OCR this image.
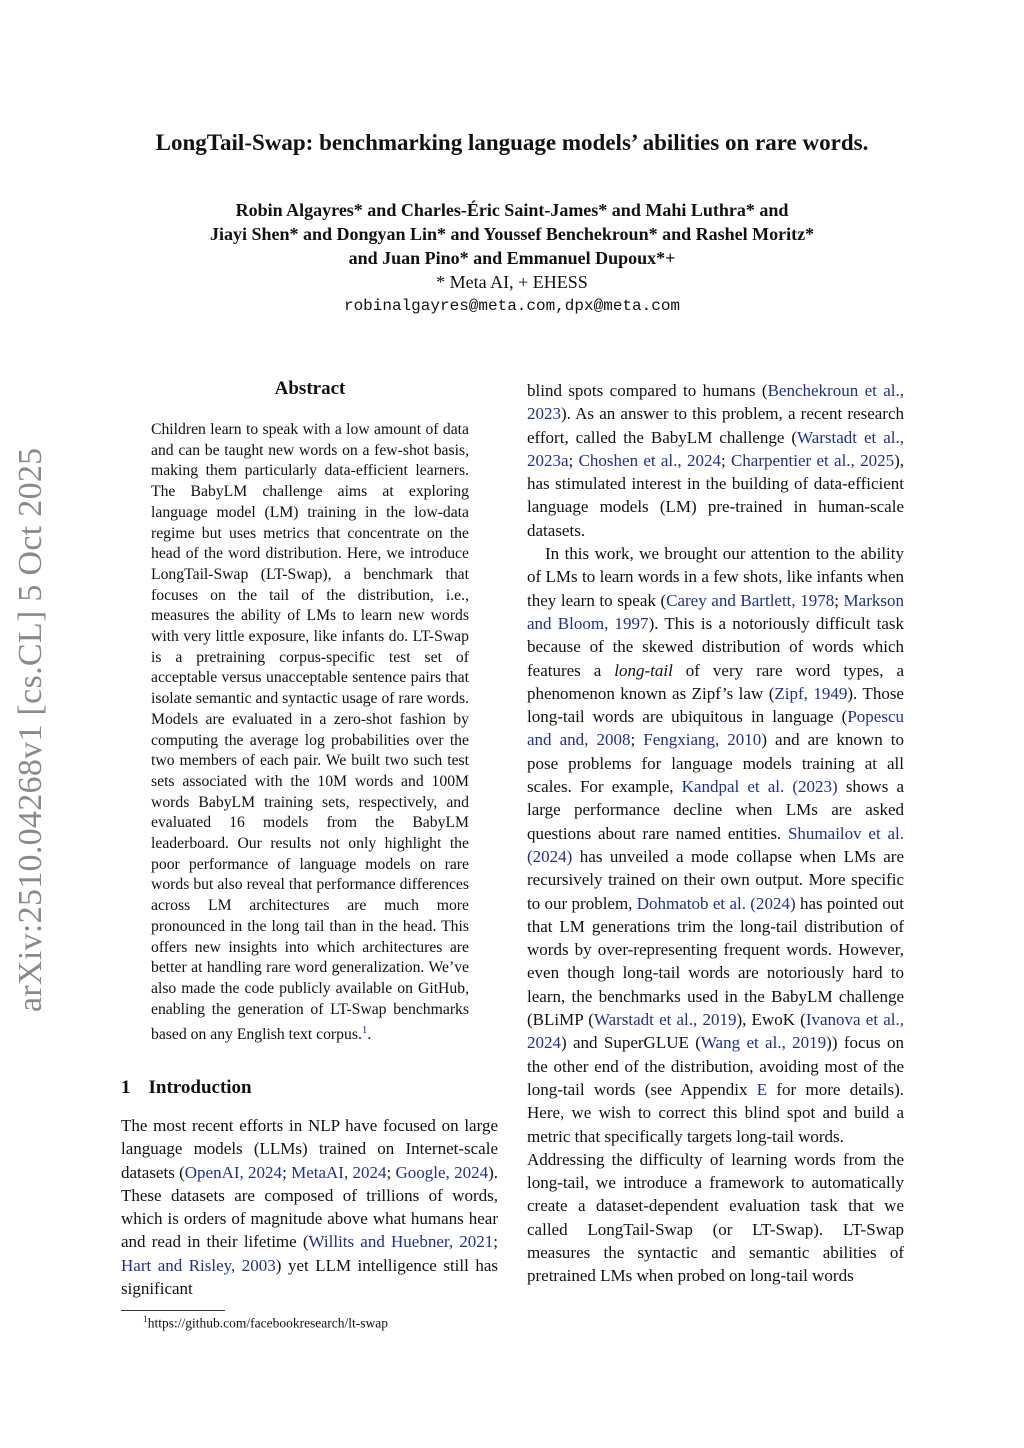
arXiv:2510.04268v1 [cs.CL] 5 Oct 2025
LongTail-Swap: benchmarking language models’ abilities on rare words.
Robin Algayres* and Charles-Éric Saint-James* and Mahi Luthra* and
Jiayi Shen* and Dongyan Lin* and Youssef Benchekroun* and Rashel Moritz*
and Juan Pino* and Emmanuel Dupoux*+
* Meta AI, + EHESS
robinalgayres@meta.com,dpx@meta.com
Abstract
Children learn to speak with a low amount of data and can be taught new words on a few-shot basis, making them particularly data-efficient learners. The BabyLM challenge aims at exploring language model (LM) training in the low-data regime but uses metrics that concentrate on the head of the word distribution. Here, we introduce LongTail-Swap (LT-Swap), a benchmark that focuses on the tail of the distribution, i.e., measures the ability of LMs to learn new words with very little exposure, like infants do. LT-Swap is a pretraining corpus-specific test set of acceptable versus unacceptable sentence pairs that isolate semantic and syntactic usage of rare words. Models are evaluated in a zero-shot fashion by computing the average log probabilities over the two members of each pair. We built two such test sets associated with the 10M words and 100M words BabyLM training sets, respectively, and evaluated 16 models from the BabyLM leaderboard. Our results not only highlight the poor performance of language models on rare words but also reveal that performance differences across LM architectures are much more pronounced in the long tail than in the head. This offers new insights into which architectures are better at handling rare word generalization. We’ve also made the code publicly available on GitHub, enabling the generation of LT-Swap benchmarks based on any English text corpus.$^1$.
1 Introduction
The most recent efforts in NLP have focused on large language models (LLMs) trained on Internet-scale datasets (OpenAI, 2024; MetaAI, 2024; Google, 2024). These datasets are composed of trillions of words, which is orders of magnitude above what humans hear and read in their lifetime (Willits and Huebner, 2021; Hart and Risley, 2003) yet LLM intelligence still has significant

blind spots compared to humans (Benchekroun et al., 2023). As an answer to this problem, a recent research effort, called the BabyLM challenge (Warstadt et al., 2023a; Choshen et al., 2024; Charpentier et al., 2025), has stimulated interest in the building of data-efficient language models (LM) pre-trained in human-scale datasets.

In this work, we brought our attention to the ability of LMs to learn words in a few shots, like infants when they learn to speak (Carey and Bartlett, 1978; Markson and Bloom, 1997). This is a notoriously difficult task because of the skewed distribution of words which features a long-tail of very rare word types, a phenomenon known as Zipf’s law (Zipf, 1949). Those long-tail words are ubiquitous in language (Popescu and and, 2008; Fengxiang, 2010) and are known to pose problems for language models training at all scales. For example, Kandpal et al. (2023) shows a large performance decline when LMs are asked questions about rare named entities. Shumailov et al. (2024) has unveiled a mode collapse when LMs are recursively trained on their own output. More specific to our problem, Dohmatob et al. (2024) has pointed out that LM generations trim the long-tail distribution of words by over-representing frequent words. However, even though long-tail words are notoriously hard to learn, the benchmarks used in the BabyLM challenge (BLiMP (Warstadt et al., 2019), EwoK (Ivanova et al., 2024) and SuperGLUE (Wang et al., 2019)) focus on the other end of the distribution, avoiding most of the long-tail words (see Appendix E for more details). Here, we wish to correct this blind spot and build a metric that specifically targets long-tail words.

Addressing the difficulty of learning words from the long-tail, we introduce a framework to automatically create a dataset-dependent evaluation task that we called LongTail-Swap (or LT-Swap). LT-Swap measures the syntactic and semantic abilities of pretrained LMs when probed on long-tail words

$^1$https://github.com/facebookresearch/lt-swap
